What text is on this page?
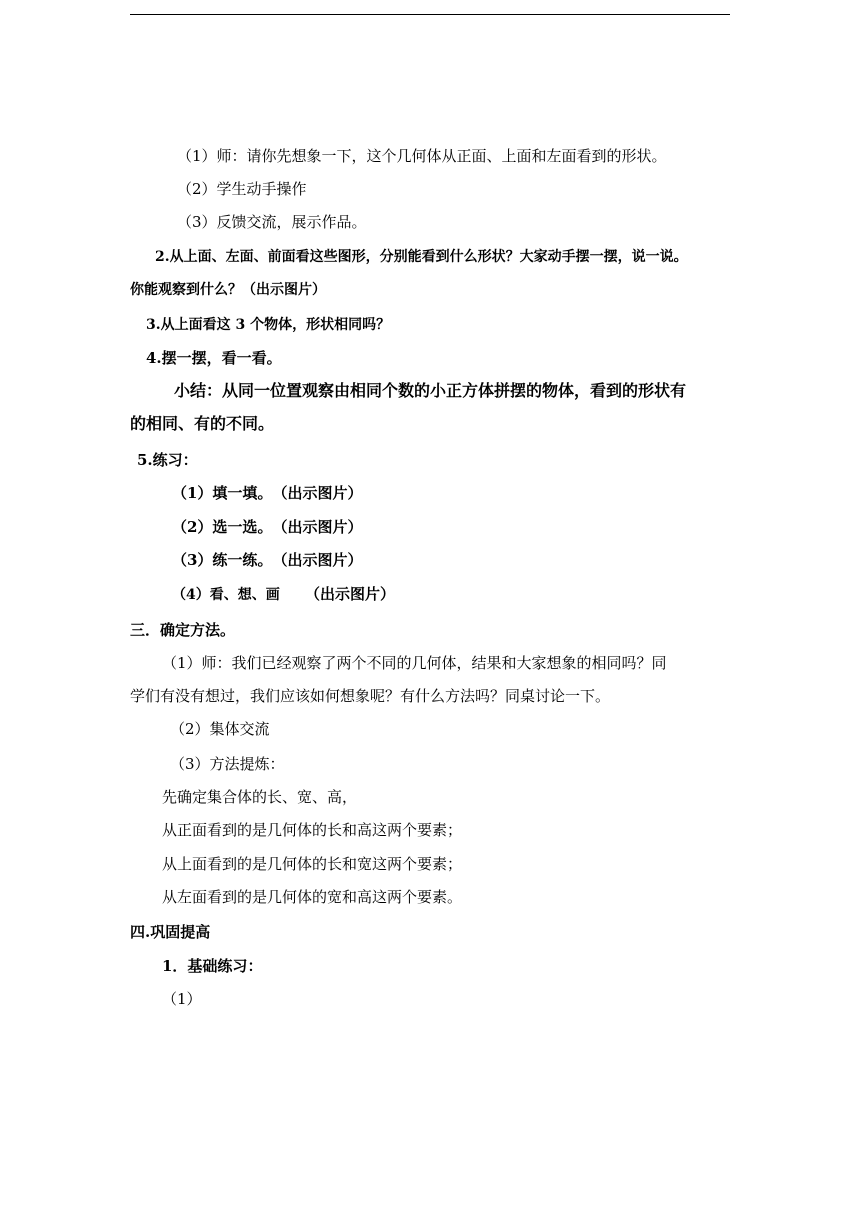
（1）师：请你先想象一下，这个几何体从正面、上面和左面看到的形状。
（2）学生动手操作
（3）反馈交流，展示作品。
2.从上面、左面、前面看这些图形，分别能看到什么形状？大家动手摆一摆，说一说。
你能观察到什么？（出示图片）
3.从上面看这 3 个物体，形状相同吗？
4.摆一摆，看一看。
小结：从同一位置观察由相同个数的小正方体拼摆的物体，看到的形状有
的相同、有的不同。
5.练习：
（1）填一填。　（出示图片）
（2）选一选。　（出示图片）
（3）练一练。　（出示图片）
（4）看、想、画 （出示图片）
三．确定方法。
（1）师：我们已经观察了两个不同的几何体，结果和大家想象的相同吗？同
学们有没有想过，我们应该如何想象呢？有什么方法吗？同桌讨论一下。
（2）集体交流
（3）方法提炼：
先确定集合体的长、宽、高，
从正面看到的是几何体的长和高这两个要素；
从上面看到的是几何体的长和宽这两个要素；
从左面看到的是几何体的宽和高这两个要素。
四.巩固提高
1．基础练习：
（1）
